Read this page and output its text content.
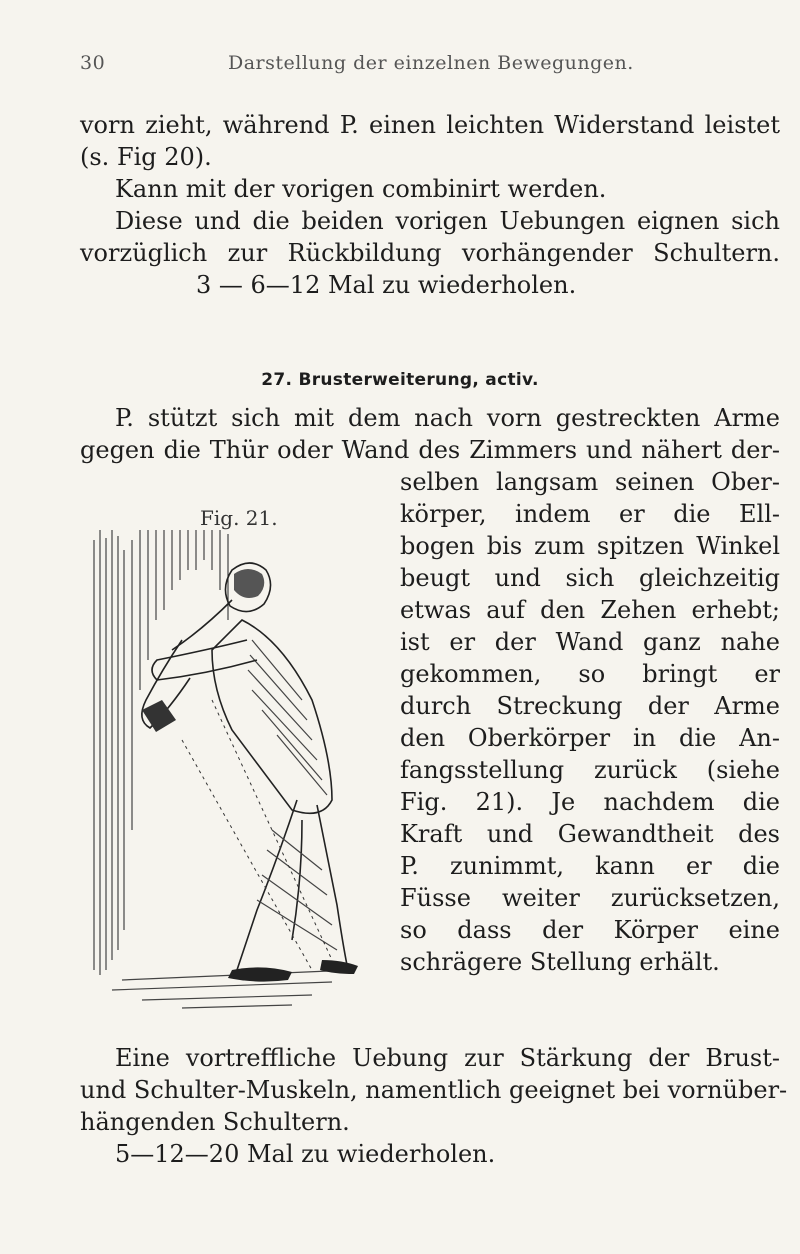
30	Darstellung der einzelnen Bewegungen.
vorn zieht, während P. einen leichten Widerstand leistet
(s. Fig 20).
Kann mit der vorigen combinirt werden.
Diese und die beiden vorigen Uebungen eignen sich
vorzüglich zur Rückbildung vorhängender Schultern.
3 — 6—12 Mal zu wiederholen.
27. Brusterweiterung, activ.
P. stützt sich mit dem nach vorn gestreckten Arme
gegen die Thür oder Wand des Zimmers und nähert der-
selben langsam seinen Ober-
körper, indem er die Ell-
bogen bis zum spitzen Winkel
beugt und sich gleichzeitig
etwas auf den Zehen erhebt;
ist er der Wand ganz nahe
gekommen, so bringt er
durch Streckung der Arme
den Oberkörper in die An-
fangsstellung zurück (siehe
Fig. 21). Je nachdem die
Kraft und Gewandtheit des
P. zunimmt, kann er die
Füsse weiter zurücksetzen,
so dass der Körper eine
schrägere Stellung erhält.
Fig. 21.
Eine vortreffliche Uebung zur Stärkung der Brust-
und Schulter-Muskeln, namentlich geeignet bei vornüber-
hängenden Schultern.
5—12—20 Mal zu wiederholen.
